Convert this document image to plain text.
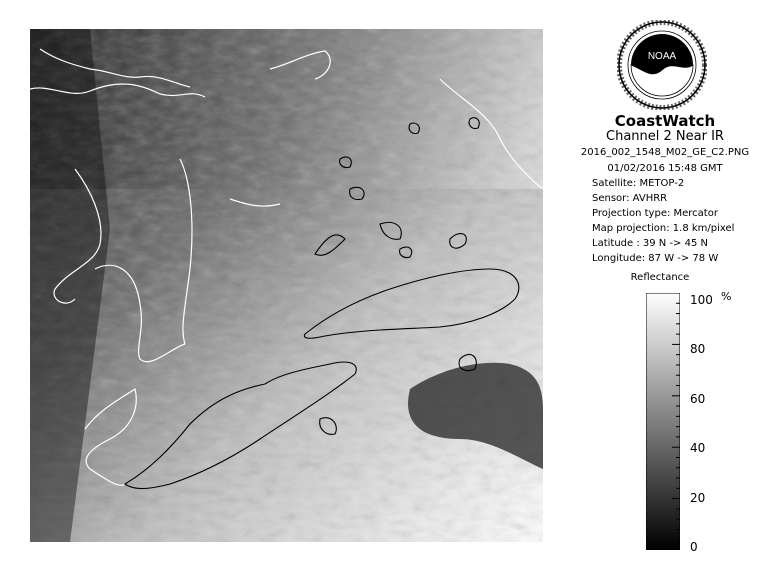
NOAA
CoastWatch
Channel 2 Near IR
2016_002_1548_M02_GE_C2.PNG
01/02/2016 15:48 GMT
Satellite: METOP-2
Sensor: AVHRR
Projection type: Mercator
Map projection: 1.8 km/pixel
Latitude : 39 N -> 45 N
Longitude: 87 W -> 78 W
Reflectance
100
80
60
40
20
0
%
